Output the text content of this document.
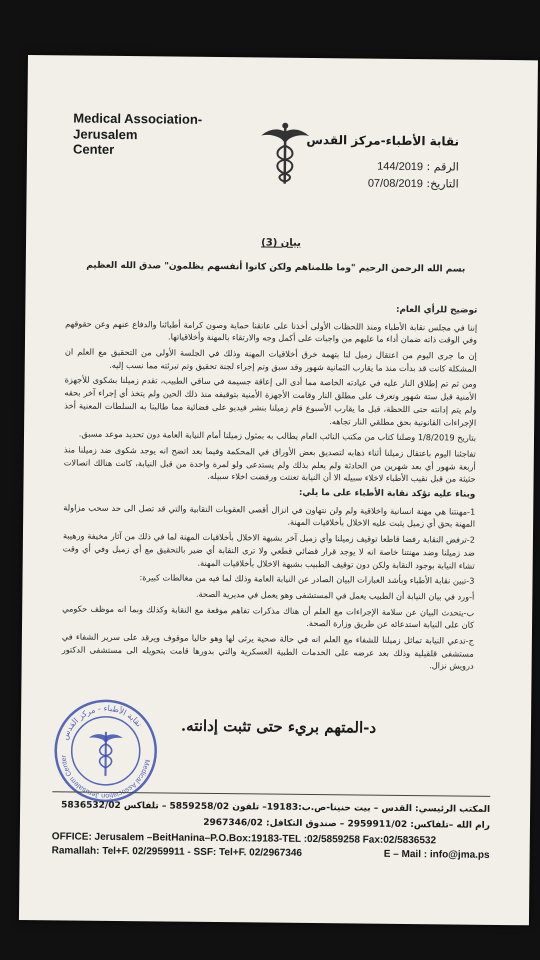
Medical Association-Jerusalem
Center
نقابة الأطباء-مركز القدس
الرقم : 144/2019
التاريخ: 07/08/2019
بيان (3)
بسم الله الرحمن الرحيم "وما ظلمناهم ولكن كانوا أنفسهم يظلمون" صدق الله العظيم

توضيح للرأي العام:

إننا في مجلس نقابة الأطباء ومنذ اللحظات الأولى أخذنا على عاتقنا حماية وصون كرامة أطبائنا والدفاع عنهم وعن حقوقهم وفي الوقت ذاته ضمان أداء ما عليهم من واجبات على أكمل وجه والارتقاء بالمهنة وأخلاقياتها.

إن ما جرى اليوم من اعتقال زميل لنا بتهمة خرق أخلاقيات المهنة وذلك في الجلسة الأولى من التحقيق مع العلم ان المشكلة كانت قد بدأت منذ ما يقارب الثمانية شهور وقد سبق وتم إجراء لجنة تحقيق وتم تبرئته مما نسب إليه.

ومن ثم تم إطلاق النار عليه في عيادته الخاصة مما أدى الى إعاقة جسيمة في ساقي الطبيب، تقدم زميلنا بشكوى للأجهزة الأمنية قبل ستة شهور وتعرف على مطلق النار وقامت الأجهزة الأمنية بتوقيفه منذ ذلك الحين ولم يتخذ أي إجراء آخر بحقه ولم يتم إدانته حتى اللحظة، قبل ما يقارب الأسبوع قام زميلنا بنشر فيديو على فضائية مما طالبنا به السلطات المعنية أخذ الإجراءات القانونية بحق مطلقي النار تجاهه.

بتاريخ 1/8/2019 وصلنا كتاب من مكتب النائب العام يطالب به بمثول زميلنا أمام النيابة العامة دون تحديد موعد مسبق.

تفاجئنا اليوم باعتقال زميلنا أثناء ذهابه لتصديق بعض الأوراق في المحكمة وفيما بعد اتضح انه يوجد شكوى ضد زميلنا منذ أربعة شهور أي بعد شهرين من الحادثة ولم يعلم بذلك ولم يستدعى ولو لمرة واحدة من قبل النيابة، كانت هنالك اتصالات حثيثة من قبل نقيب الأطباء لاخلاء سبيله الا أن النيابة تعنتت ورفضت اخلاء سبيله.

وبناء عليه تؤكد نقابة الأطباء على ما يلي:

1-مهنتنا هي مهنة انسانية واخلاقية ولم ولن نتهاون في انزال أقصى العقوبات النقابية والتي قد تصل الى حد سحب مزاولة المهنة بحق أي زميل يثبت عليه الاخلال بأخلاقيات المهنة.

2-ترفض النقابة رفضا قاطعا توقيف زميلنا وأي زميل آخر بشبهة الاخلال بأخلاقيات المهنة لما في ذلك من آثار مخيفة ورهيبة ضد زميلنا وضد مهنتنا خاصة انه لا يوجد قرار قضائي قطعي ولا ترى النقابة أي ضير بالتحقيق مع أي زميل وفي أي وقت تشاء النيابة بوجود النقابة ولكن دون توقيف الطبيب بشبهة الاخلال بأخلاقيات المهنة.

3-تبين نقابة الأطباء وبأشد العبارات البيان الصادر عن النيابة العامة وذلك لما فيه من مغالطات كبيرة:

أ-ورد في بيان النيابة أن الطبيب يعمل في المستشفى وهو يعمل في مديرية الصحة.

ب-يتحدث البيان عن سلامة الإجراءات مع العلم أن هناك مذكرات تفاهم موقعة مع النقابة وكذلك وبما انه موظف حكومي كان على النيابة استدعائه عن طريق وزارة الصحة.

ج-تدعي النيابة تماثل زميلنا للشفاء مع العلم انه في حالة صحية يرثى لها وهو حاليا موقوف ويرقد على سرير الشفاء في مستشفى قلقيلية وذلك بعد عرضه على الخدمات الطبية العسكرية والتي بدورها قامت بتحويله الى مستشفى الدكتور درويش نزال.

د-المتهم بريء حتى تثبت إدانته.
نقابة الأطباء - مركز القدس
Medical Association Jerusalem Center
المكتب الرئيسي: القدس – بيت حنينا-ص.ب:19183– تلفون 5859258/02 – تلفاكس 5836532/02
رام الله –تلفاكس: 2959911/02 – صندوق التكافل: 2967346/02
OFFICE: Jerusalem –BeitHanina–P.O.Box:19183-TEL :02/5859258 Fax:02/5836532
Ramallah: Tel+F. 02/2959911 - SSF: Tel+F. 02/2967346	E – Mail : info@jma.ps
